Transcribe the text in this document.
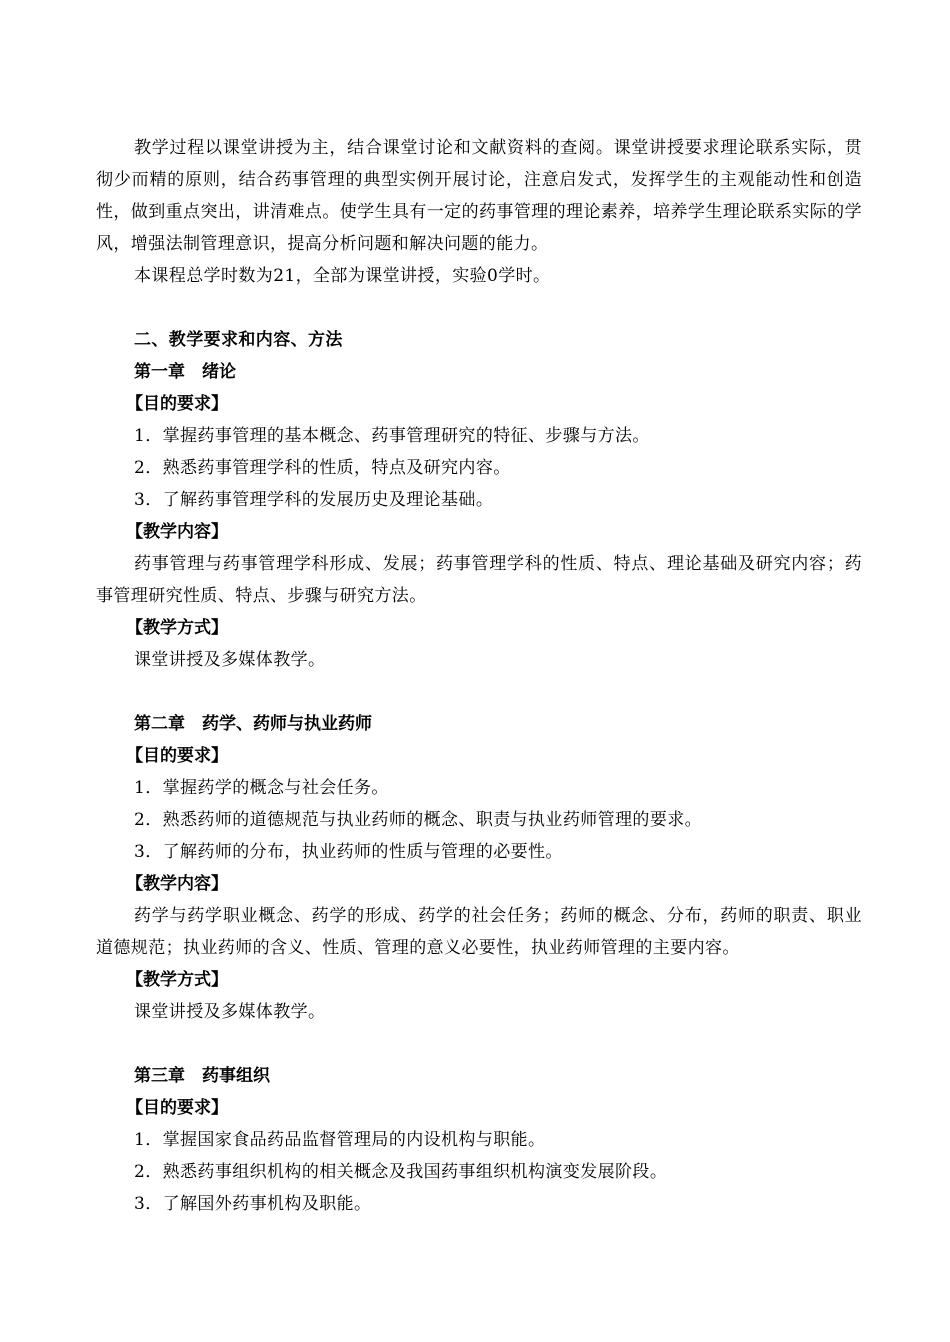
教学过程以课堂讲授为主，结合课堂讨论和文献资料的查阅。课堂讲授要求理论联系实际，贯彻少而精的原则，结合药事管理的典型实例开展讨论，注意启发式，发挥学生的主观能动性和创造性，做到重点突出，讲清难点。使学生具有一定的药事管理的理论素养，培养学生理论联系实际的学风，增强法制管理意识，提高分析问题和解决问题的能力。

本课程总学时数为21，全部为课堂讲授，实验0学时。

二、教学要求和内容、方法
第一章　绪论
【目的要求】

1．掌握药事管理的基本概念、药事管理研究的特征、步骤与方法。

2．熟悉药事管理学科的性质，特点及研究内容。

3．了解药事管理学科的发展历史及理论基础。

【教学内容】

药事管理与药事管理学科形成、发展；药事管理学科的性质、特点、理论基础及研究内容；药事管理研究性质、特点、步骤与研究方法。

【教学方式】

课堂讲授及多媒体教学。

第二章　药学、药师与执业药师
【目的要求】

1．掌握药学的概念与社会任务。

2．熟悉药师的道德规范与执业药师的概念、职责与执业药师管理的要求。

3．了解药师的分布，执业药师的性质与管理的必要性。

【教学内容】

药学与药学职业概念、药学的形成、药学的社会任务；药师的概念、分布，药师的职责、职业道德规范；执业药师的含义、性质、管理的意义必要性，执业药师管理的主要内容。

【教学方式】

课堂讲授及多媒体教学。

第三章　药事组织
【目的要求】

1．掌握国家食品药品监督管理局的内设机构与职能。

2．熟悉药事组织机构的相关概念及我国药事组织机构演变发展阶段。

3．了解国外药事机构及职能。
